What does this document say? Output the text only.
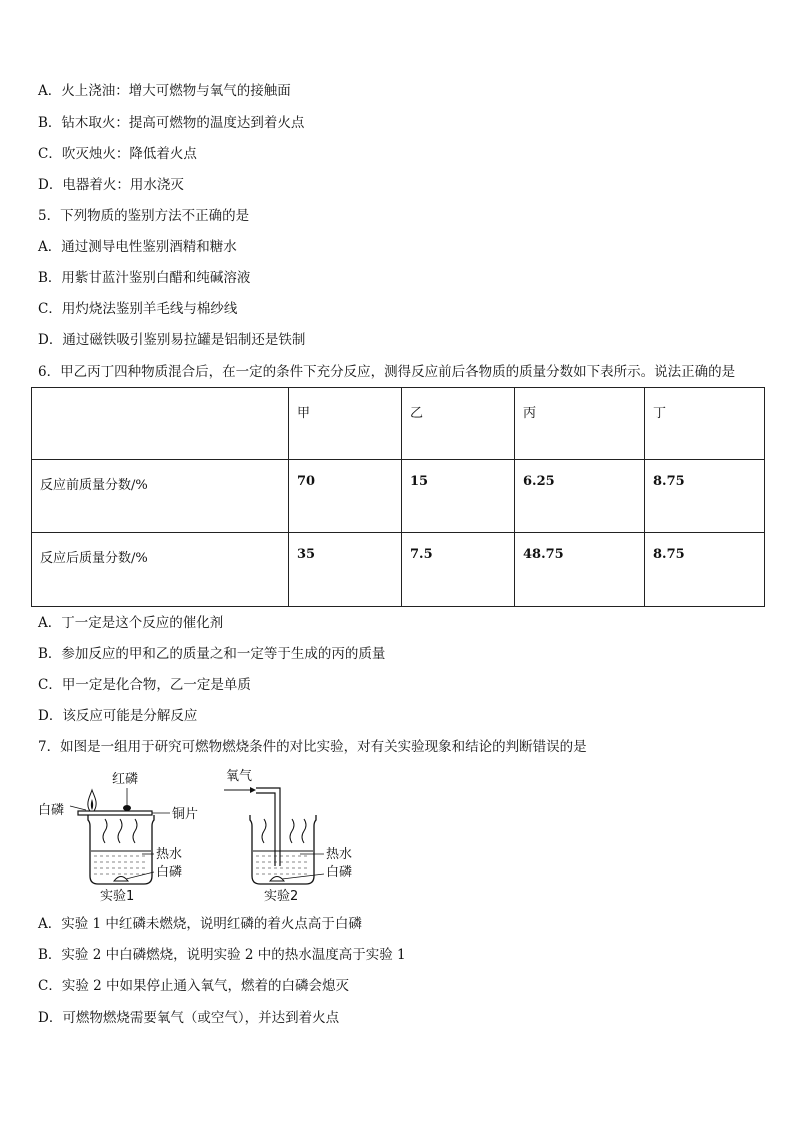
A．火上浇油：增大可燃物与氧气的接触面
B．钻木取火：提高可燃物的温度达到着火点
C．吹灭烛火：降低着火点
D．电器着火：用水浇灭
5．下列物质的鉴别方法不正确的是
A．通过测导电性鉴别酒精和糖水
B．用紫甘蓝汁鉴别白醋和纯碱溶液
C．用灼烧法鉴别羊毛线与棉纱线
D．通过磁铁吸引鉴别易拉罐是铝制还是铁制
6．甲乙丙丁四种物质混合后，在一定的条件下充分反应，测得反应前后各物质的质量分数如下表所示。说法正确的是
	甲	乙	丙	丁
反应前质量分数/%	70	15	6.25	8.75
反应后质量分数/%	35	7.5	48.75	8.75
A．丁一定是这个反应的催化剂
B．参加反应的甲和乙的质量之和一定等于生成的丙的质量
C．甲一定是化合物，乙一定是单质
D．该反应可能是分解反应
7．如图是一组用于研究可燃物燃烧条件的对比实验，对有关实验现象和结论的判断错误的是
红磷
白磷	铜片
热水
白磷
实验1
氧气
热水
白磷
实验2
A．实验 1 中红磷未燃烧，说明红磷的着火点高于白磷
B．实验 2 中白磷燃烧，说明实验 2 中的热水温度高于实验 1
C．实验 2 中如果停止通入氧气，燃着的白磷会熄灭
D．可燃物燃烧需要氧气（或空气），并达到着火点
